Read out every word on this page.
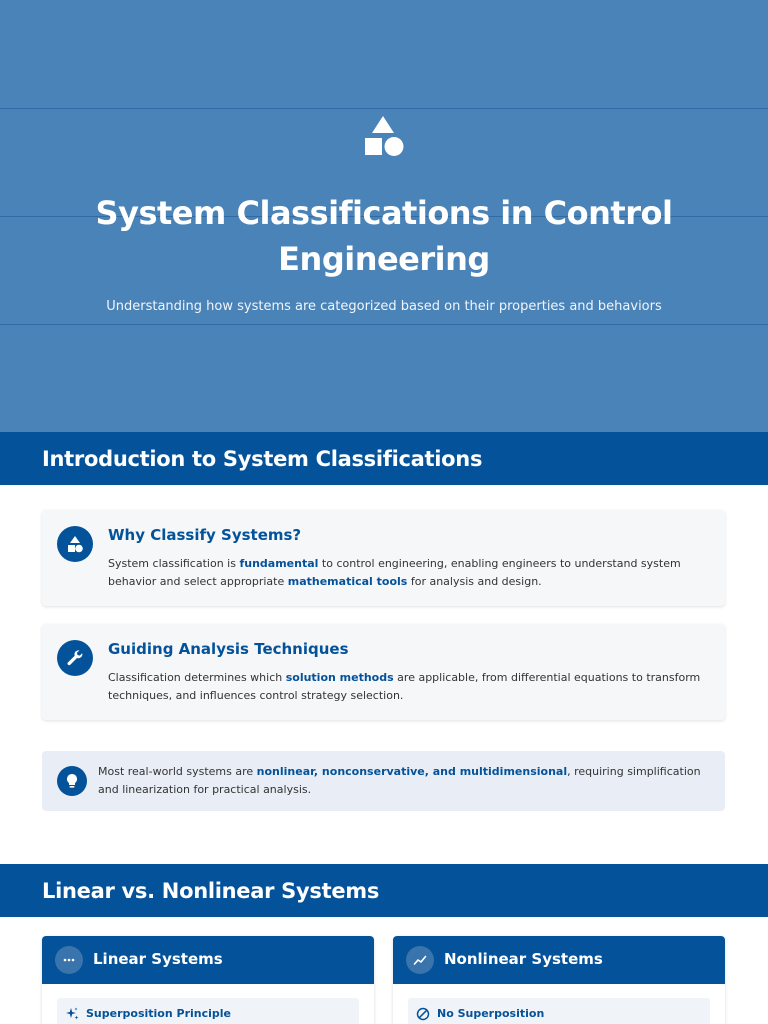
System Classifications in Control Engineering

Understanding how systems are categorized based on their properties and behaviors

Introduction to System Classifications
Why Classify Systems?
System classification is fundamental to control engineering, enabling engineers to understand system behavior and select appropriate mathematical tools for analysis and design.
Guiding Analysis Techniques
Classification determines which solution methods are applicable, from differential equations to transform techniques, and influences control strategy selection.
Most real-world systems are nonlinear, nonconservative, and multidimensional, requiring simplification and linearization for practical analysis.
Linear vs. Nonlinear Systems
Linear Systems
Superposition Principle
Nonlinear Systems
No Superposition
